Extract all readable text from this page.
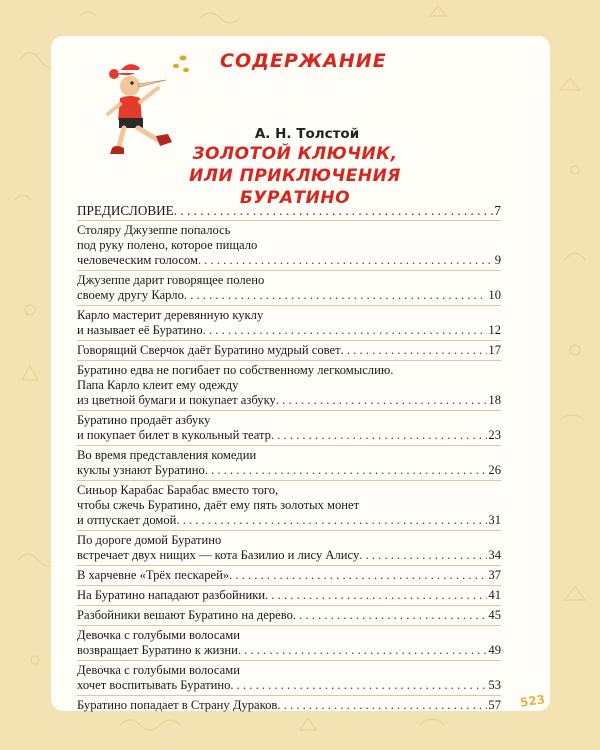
СОДЕРЖАНИЕ
А. Н. Толстой
ЗОЛОТОЙ КЛЮЧИК,
ИЛИ ПРИКЛЮЧЕНИЯ БУРАТИНО
ПРЕДИСЛОВИЕ . . .	7
Столяру Джузеппе попалось
под руку полено, которое пищало
человеческим голосом . . .	9
Джузеппе дарит говорящее полено
своему другу Карло . . .	10
Карло мастерит деревянную куклу
и называет её Буратино . . .	12
Говорящий Сверчок даёт Буратино мудрый совет . . .	17
Буратино едва не погибает по собственному легкомыслию.
Папа Карло клеит ему одежду
из цветной бумаги и покупает азбуку . . .	18
Буратино продаёт азбуку
и покупает билет в кукольный театр . . .	23
Во время представления комедии
куклы узнают Буратино . . .	26
Синьор Карабас Барабас вместо того,
чтобы сжечь Буратино, даёт ему пять золотых монет
и отпускает домой . . .	31
По дороге домой Буратино
встречает двух нищих — кота Базилио и лису Алису . . .	34
В харчевне «Трёх пескарей» . . .	37
На Буратино нападают разбойники . . .	41
Разбойники вешают Буратино на дерево . . .	45
Девочка с голубыми волосами
возвращает Буратино к жизни . . .	49
Девочка с голубыми волосами
хочет воспитывать Буратино . . .	53
Буратино попадает в Страну Дураков . . .	57 523
